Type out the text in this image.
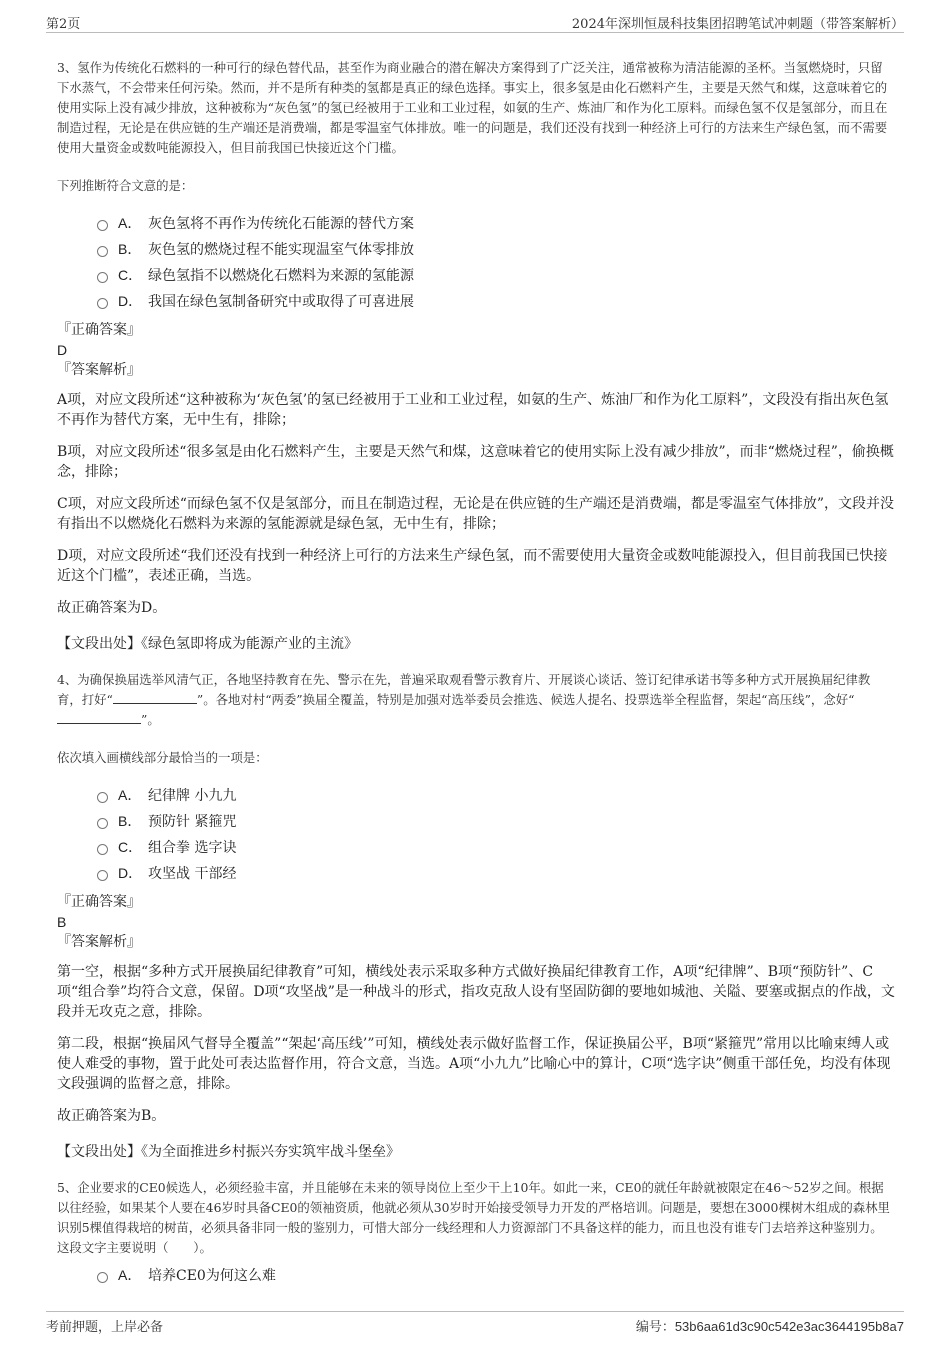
第2页	2024年深圳恒晟科技集团招聘笔试冲刺题（带答案解析）

3、氢作为传统化石燃料的一种可行的绿色替代品，甚至作为商业融合的潜在解决方案得到了广泛关注，通常被称为清洁能源的圣杯。当氢燃烧时，只留下水蒸气，不会带来任何污染。然而，并不是所有种类的氢都是真正的绿色选择。事实上，很多氢是由化石燃料产生，主要是天然气和煤，这意味着它的使用实际上没有减少排放，这种被称为“灰色氢”的氢已经被用于工业和工业过程，如氨的生产、炼油厂和作为化工原料。而绿色氢不仅是氢部分，而且在制造过程，无论是在供应链的生产端还是消费端，都是零温室气体排放。唯一的问题是，我们还没有找到一种经济上可行的方法来生产绿色氢，而不需要使用大量资金或数吨能源投入，但目前我国已快接近这个门槛。

下列推断符合文意的是：

A． 灰色氢将不再作为传统化石能源的替代方案
B． 灰色氢的燃烧过程不能实现温室气体零排放
C． 绿色氢指不以燃烧化石燃料为来源的氢能源
D． 我国在绿色氢制备研究中或取得了可喜进展
『正确答案』
D
『答案解析』

A项，对应文段所述“这种被称为‘灰色氢’的氢已经被用于工业和工业过程，如氨的生产、炼油厂和作为化工原料”，文段没有指出灰色氢不再作为替代方案，无中生有，排除；

B项，对应文段所述“很多氢是由化石燃料产生，主要是天然气和煤，这意味着它的使用实际上没有减少排放”，而非“燃烧过程”，偷换概念，排除；

C项，对应文段所述“而绿色氢不仅是氢部分，而且在制造过程，无论是在供应链的生产端还是消费端，都是零温室气体排放”，文段并没有指出不以燃烧化石燃料为来源的氢能源就是绿色氢，无中生有，排除；

D项，对应文段所述“我们还没有找到一种经济上可行的方法来生产绿色氢，而不需要使用大量资金或数吨能源投入，但目前我国已快接近这个门槛”，表述正确，当选。

故正确答案为D。

【文段出处】《绿色氢即将成为能源产业的主流》

4、为确保换届选举风清气正，各地坚持教育在先、警示在先，普遍采取观看警示教育片、开展谈心谈话、签订纪律承诺书等多种方式开展换届纪律教育，打好“	”。各地对村“两委”换届全覆盖，特别是加强对选举委员会推选、候选人提名、投票选举全程监督，架起“高压线”，念好“”。

依次填入画横线部分最恰当的一项是：

A． 纪律牌 小九九
B． 预防针 紧箍咒
C． 组合拳 选字诀
D． 攻坚战 干部经
『正确答案』
B
『答案解析』

第一空，根据“多种方式开展换届纪律教育”可知，横线处表示采取多种方式做好换届纪律教育工作，A项“纪律牌”、B项“预防针”、C项“组合拳”均符合文意，保留。D项“攻坚战”是一种战斗的形式，指攻克敌人设有坚固防御的要地如城池、关隘、要塞或据点的作战，文段并无攻克之意，排除。

第二段，根据“换届风气督导全覆盖”“架起‘高压线’”可知，横线处表示做好监督工作，保证换届公平，B项“紧箍咒”常用以比喻束缚人或使人难受的事物，置于此处可表达监督作用，符合文意，当选。A项“小九九”比喻心中的算计，C项“选字诀”侧重干部任免，均没有体现文段强调的监督之意，排除。

故正确答案为B。

【文段出处】《为全面推进乡村振兴夯实筑牢战斗堡垒》

5、企业要求的CE0候选人，必须经验丰富，并且能够在未来的领导岗位上至少干上10年。如此一来，CE0的就任年龄就被限定在46～52岁之间。根据以往经验，如果某个人要在46岁时具备CE0的领袖资质，他就必须从30岁时开始接受领导力开发的严格培训。问题是，要想在3000棵树木组成的森林里识别5棵值得栽培的树苗，必须具备非同一般的鉴别力，可惜大部分一线经理和人力资源部门不具备这样的能力，而且也没有谁专门去培养这种鉴别力。

这段文字主要说明（　　）。

A． 培养CE0为何这么难
考前押题，上岸必备	编号：53b6aa61d3c90c542e3ac3644195b8a7
